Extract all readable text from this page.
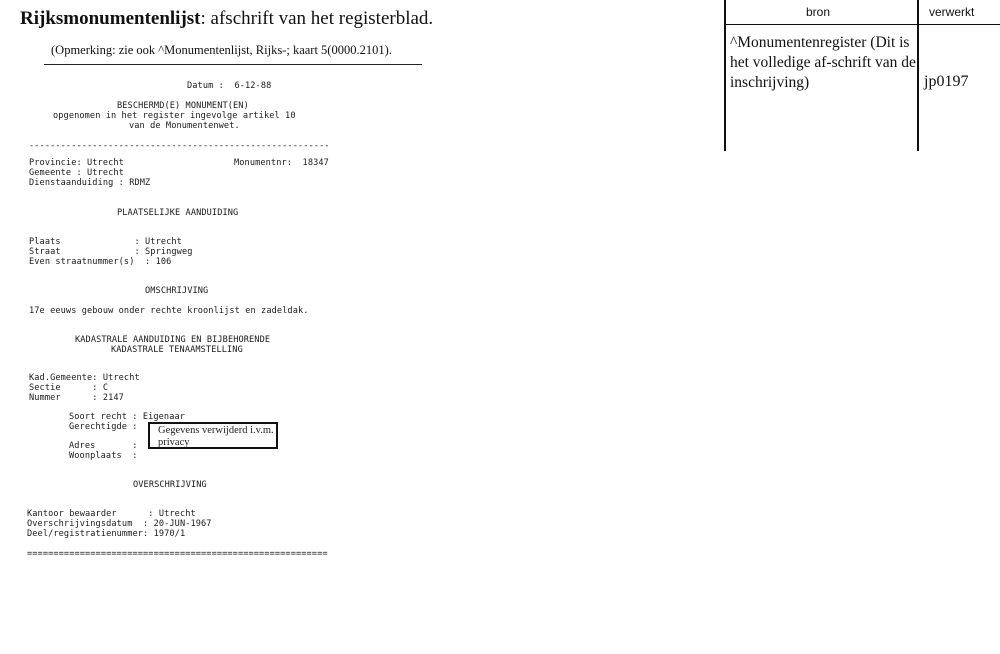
Rijksmonumentenlijst: afschrift van het registerblad.
(Opmerking: zie ook ^Monumentenlijst, Rijks-; kaart 5(0000.2101).
Datum :  6-12-88
BESCHERMD(E) MONUMENT(EN)
opgenomen in het register ingevolge artikel 10
van de Monumentenwet.
---------------------------------------------------------
Provincie: Utrecht	Monumentnr:  18347
Gemeente : Utrecht
Dienstaanduiding : RDMZ
PLAATSELIJKE AANDUIDING
Plaats              : Utrecht
Straat              : Springweg
Even straatnummer(s)  : 106
OMSCHRIJVING
17e eeuws gebouw onder rechte kroonlijst en zadeldak.
KADASTRALE AANDUIDING EN BIJBEHORENDE
KADASTRALE TENAAMSTELLING
Kad.Gemeente: Utrecht
Sectie      : C
Nummer      : 2147
Soort recht : Eigenaar
Gerechtigde :
Adres       :
Woonplaats  :
Gegevens verwijderd i.v.m. privacy
OVERSCHRIJVING
Kantoor bewaarder      : Utrecht
Overschrijvingsdatum  : 20-JUN-1967
Deel/registratienummer: 1970/1
=========================================================
bron	verwerkt
^Monumentenregister (Dit is het volledige af-schrift van de inschrijving)	jp0197
